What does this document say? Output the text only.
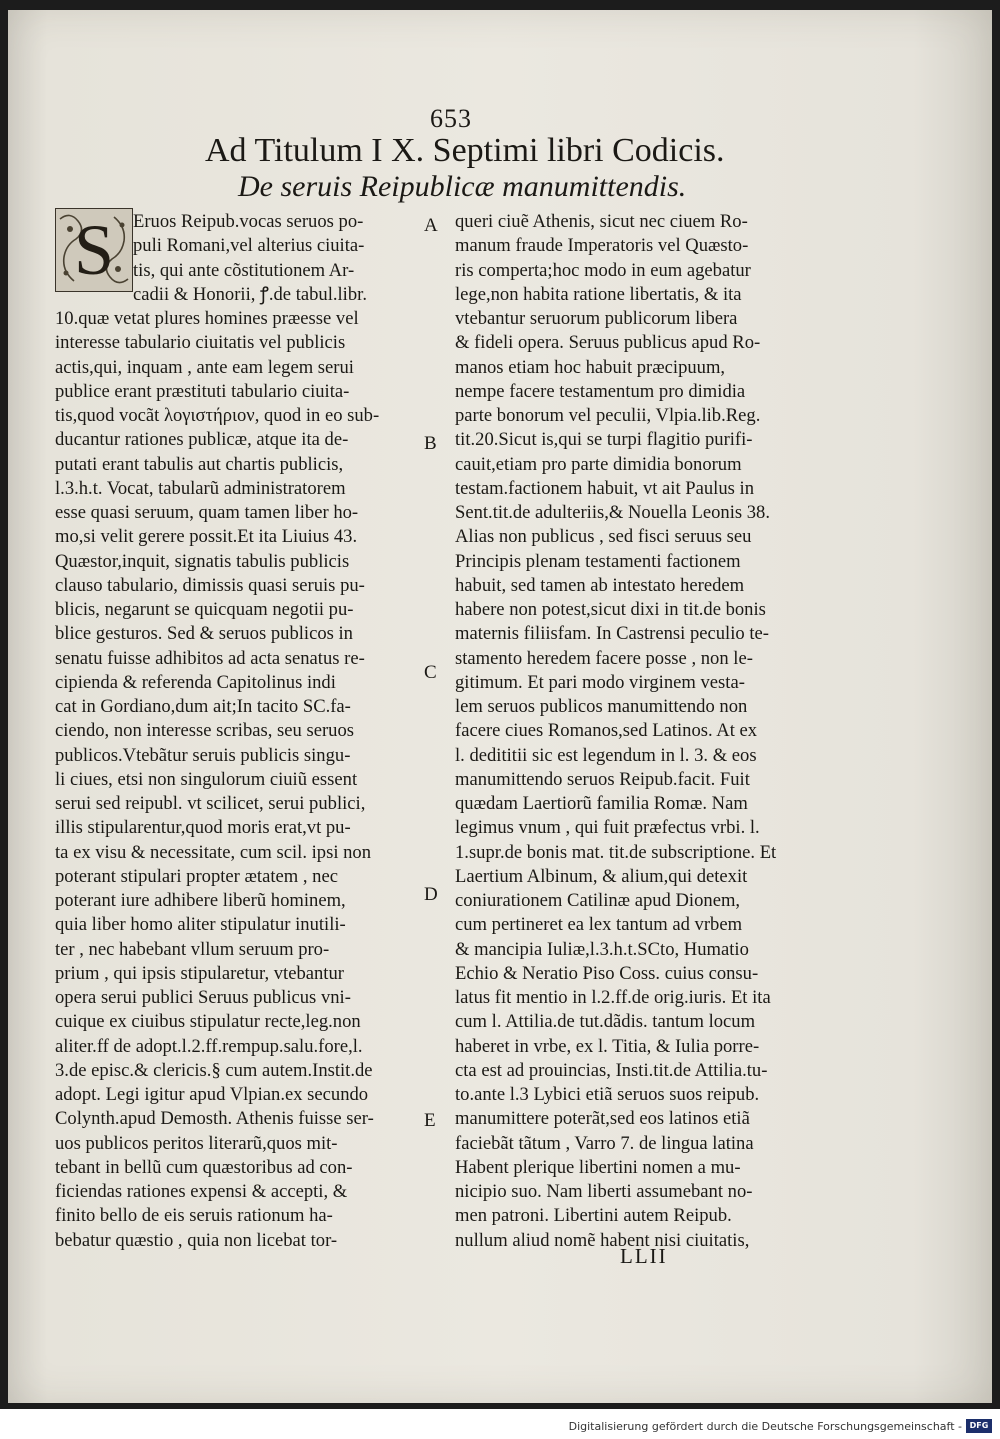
653
Ad Titulum I X. Septimi libri Codicis.
De seruis Reipublicæ manumittendis.
S	Eruos Reipub.vocas seruos po-
puli Romani,vel alterius ciuita-
tis, qui ante cõstitutionem Ar-
cadii & Honorii, ꝭ.de tabul.libr.
10.quæ vetat plures homines præesse vel
interesse tabulario ciuitatis vel publicis
actis,qui, inquam , ante eam legem serui
publice erant præstituti tabulario ciuita-
tis,quod vocãt λογιστήριον, quod in eo sub-
ducantur rationes publicæ, atque ita de-
putati erant tabulis aut chartis publicis,
l.3.h.t. Vocat, tabularũ administratorem
esse quasi seruum, quam tamen liber ho-
mo,si velit gerere possit.Et ita Liuius 43.
Quæstor,inquit, signatis tabulis publicis
clauso tabulario, dimissis quasi seruis pu-
blicis, negarunt se quicquam negotii pu-
blice gesturos. Sed & seruos publicos in
senatu fuisse adhibitos ad acta senatus re-
cipienda & referenda Capitolinus indi
cat in Gordiano,dum ait;In tacito SC.fa-
ciendo, non interesse scribas, seu seruos
publicos.Vtebãtur seruis publicis singu-
li ciues, etsi non singulorum ciuiũ essent
serui sed reipubl. vt scilicet, serui publici,
illis stipularentur,quod moris erat,vt pu-
ta ex visu & necessitate, cum scil. ipsi non
poterant stipulari propter ætatem , nec
poterant iure adhibere liberũ hominem,
quia liber homo aliter stipulatur inutili-
ter , nec habebant vllum seruum pro-
prium , qui ipsis stipularetur, vtebantur
opera serui publici Seruus publicus vni-
cuique ex ciuibus stipulatur recte,leg.non
aliter.ff de adopt.l.2.ff.rempup.salu.fore,l.
3.de episc.& clericis.§ cum autem.Instit.de
adopt. Legi igitur apud Vlpian.ex secundo
Colynth.apud Demosth. Athenis fuisse ser-
uos publicos peritos literarũ,quos mit-
tebant in bellũ cum quæstoribus ad con-
ficiendas rationes expensi & accepti, &
finito bello de eis seruis rationum ha-
bebatur quæstio , quia non licebat tor-
queri ciuẽ Athenis, sicut nec ciuem Ro-
manum fraude Imperatoris vel Quæsto-
ris comperta;hoc modo in eum agebatur
lege,non habita ratione libertatis, & ita
vtebantur seruorum publicorum libera
& fideli opera. Seruus publicus apud Ro-
manos etiam hoc habuit præcipuum,
nempe facere testamentum pro dimidia
parte bonorum vel peculii, Vlpia.lib.Reg.
tit.20.Sicut is,qui se turpi flagitio purifi-
cauit,etiam pro parte dimidia bonorum
testam.factionem habuit, vt ait Paulus in
Sent.tit.de adulteriis,& Nouella Leonis 38.
Alias non publicus , sed fisci seruus seu
Principis plenam testamenti factionem
habuit, sed tamen ab intestato heredem
habere non potest,sicut dixi in tit.de bonis
maternis filiisfam. In Castrensi peculio te-
stamento heredem facere posse , non le-
gitimum. Et pari modo virginem vesta-
lem seruos publicos manumittendo non
facere ciues Romanos,sed Latinos. At ex
l. dedititii sic est legendum in l. 3. & eos
manumittendo seruos Reipub.facit. Fuit
quædam Laertiorũ familia Romæ. Nam
legimus vnum , qui fuit præfectus vrbi. l.
1.supr.de bonis mat. tit.de subscriptione. Et
Laertium Albinum, & alium,qui detexit
coniurationem Catilinæ apud Dionem,
cum pertineret ea lex tantum ad vrbem
& mancipia Iuliæ,l.3.h.t.SCto, Humatio
Echio & Neratio Piso Coss. cuius consu-
latus fit mentio in l.2.ff.de orig.iuris. Et ita
cum l. Attilia.de tut.dãdis. tantum locum
haberet in vrbe, ex l. Titia, & Iulia porre-
cta est ad prouincias, Insti.tit.de Attilia.tu-
to.ante l.3 Lybici etiã seruos suos reipub.
manumittere poterãt,sed eos latinos etiã
faciebãt tãtum , Varro 7. de lingua latina
Habent plerique libertini nomen a mu-
nicipio suo. Nam liberti assumebant no-
men patroni. Libertini autem Reipub.
nullum aliud nomẽ habent nisi ciuitatis,
A
B
C
D
E
LLII
Digitalisierung gefördert durch die Deutsche Forschungsgemeinschaft - DFG
